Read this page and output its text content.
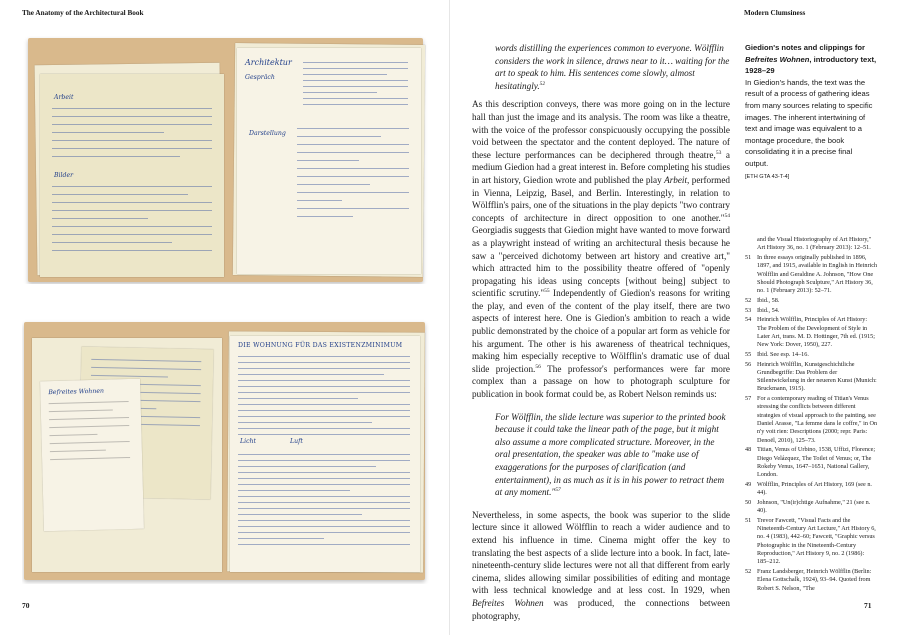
The Anatomy of the Architectural Book	Modern Clumsiness
70	71
Arbeit
Bilder
Architektur
Gespräch
Darstellung
Befreites Wohnen
DIE WOHNUNG FÜR DAS EXISTENZMINIMUM
Licht	Luft

words distilling the experiences common to everyone. Wölfflin considers the work in silence, draws near to it… waiting for the art to speak to him. His sentences come slowly, almost hesitatingly.$^{52}$

As this description conveys, there was more going on in the lecture hall than just the image and its analysis. The room was like a theatre, with the voice of the professor conspicuously occupying the possible void between the spectator and the content deployed. The nature of these lecture performances can be deciphered through theatre,$^{53}$ a medium Giedion had a great interest in. Before completing his studies in art history, Giedion wrote and published the play Arbeit, performed in Vienna, Leipzig, Basel, and Berlin. Interestingly, in relation to Wölfflin's pairs, one of the situations in the play depicts "two contrary concepts of architecture in direct opposition to one another."$^{54}$ Georgiadis suggests that Giedion might have wanted to move forward as a playwright instead of writing an architectural thesis because he saw a "perceived dichotomy between art history and creative art," which attracted him to the possibility theatre offered of "openly propagating his ideas using concepts [without being] subject to scientific scrutiny."$^{55}$ Independently of Giedion's reasons for writing the play, and even of the content of the play itself, there are two aspects of interest here. One is Giedion's ambition to reach a wide public demonstrated by the choice of a popular art form as vehicle for his argument. The other is his awareness of theatrical techniques, making him especially receptive to Wölfflin's dramatic use of dual slide projection.$^{56}$ The professor's performances were far more complex than a passage on how to photograph sculpture for publication in book format could be, as Robert Nelson reminds us:

For Wölfflin, the slide lecture was superior to the printed book because it could take the linear path of the page, but it might also assume a more complicated structure. Moreover, in the oral presentation, the speaker was able to "make use of exaggerations for the purposes of clarification (and entertainment), in as much as it is in his power to retract them at any moment."$^{57}$

Nevertheless, in some aspects, the book was superior to the slide lecture since it allowed Wölfflin to reach a wider audience and to extend his influence in time. Cinema might offer the key to translating the best aspects of a slide lecture into a book. In fact, late-nineteenth-century slide lectures were not all that different from early cinema, slides allowing similar possibilities of editing and montage with less technical knowledge and at less cost. In 1929, when Befreites Wohnen was produced, the connections between photography,

Giedion's notes and clippings for Befreites Wohnen, introductory text, 1928–29
In Giedion's hands, the text was the result of a process of gathering ideas from many sources relating to specific images. The inherent intertwining of text and image was equivalent to a montage procedure, the book consolidating it in a precise final output.
[ETH GTA 43-T-4]
and the Visual Historiography of Art History," Art History 36, no. 1 (February 2013): 12–51.
51 In three essays originally published in 1896, 1897, and 1915, available in English in Heinrich Wölfflin and Geraldine A. Johnson, "How One Should Photograph Sculpture," Art History 36, no. 1 (February 2013): 52–71.
52 Ibid., 58.
53 Ibid., 54.
54 Heinrich Wölfflin, Principles of Art History: The Problem of the Development of Style in Later Art, trans. M. D. Hottinger, 7th ed. (1915; New York: Dover, 1950), 227.
55 Ibid. See esp. 14–16.
56 Heinrich Wölfflin, Kunstgeschichtliche Grundbegriffe: Das Problem der Stilentwickelung in der neueren Kunst (Munich: Bruckmann, 1915).
57 For a contemporary reading of Titian's Venus stressing the conflicts between different strategies of visual approach to the painting, see Daniel Arasse, "La femme dans le coffre," in On n'y voit rien: Descriptions (2000; repr. Paris: Denoël, 2010), 125–73.
48 Titian, Venus of Urbino, 1538, Uffizi, Florence; Diego Velázquez, The Toilet of Venus; or, The Rokeby Venus, 1647–1651, National Gallery, London.
49 Wölfflin, Principles of Art History, 169 (see n. 44).
50 Johnson, "Un(ir)chtige Aufnahme," 21 (see n. 40).
51 Trevor Fawcett, "Visual Facts and the Nineteenth-Century Art Lecture," Art History 6, no. 4 (1983), 442–60; Fawcett, "Graphic versus Photographic in the Nineteenth-Century Reproduction," Art History 9, no. 2 (1986): 185–212.
52 Franz Landsberger, Heinrich Wölfflin (Berlin: Elena Gottschalk, 1924), 93–94. Quoted from Robert S. Nelson, "The
